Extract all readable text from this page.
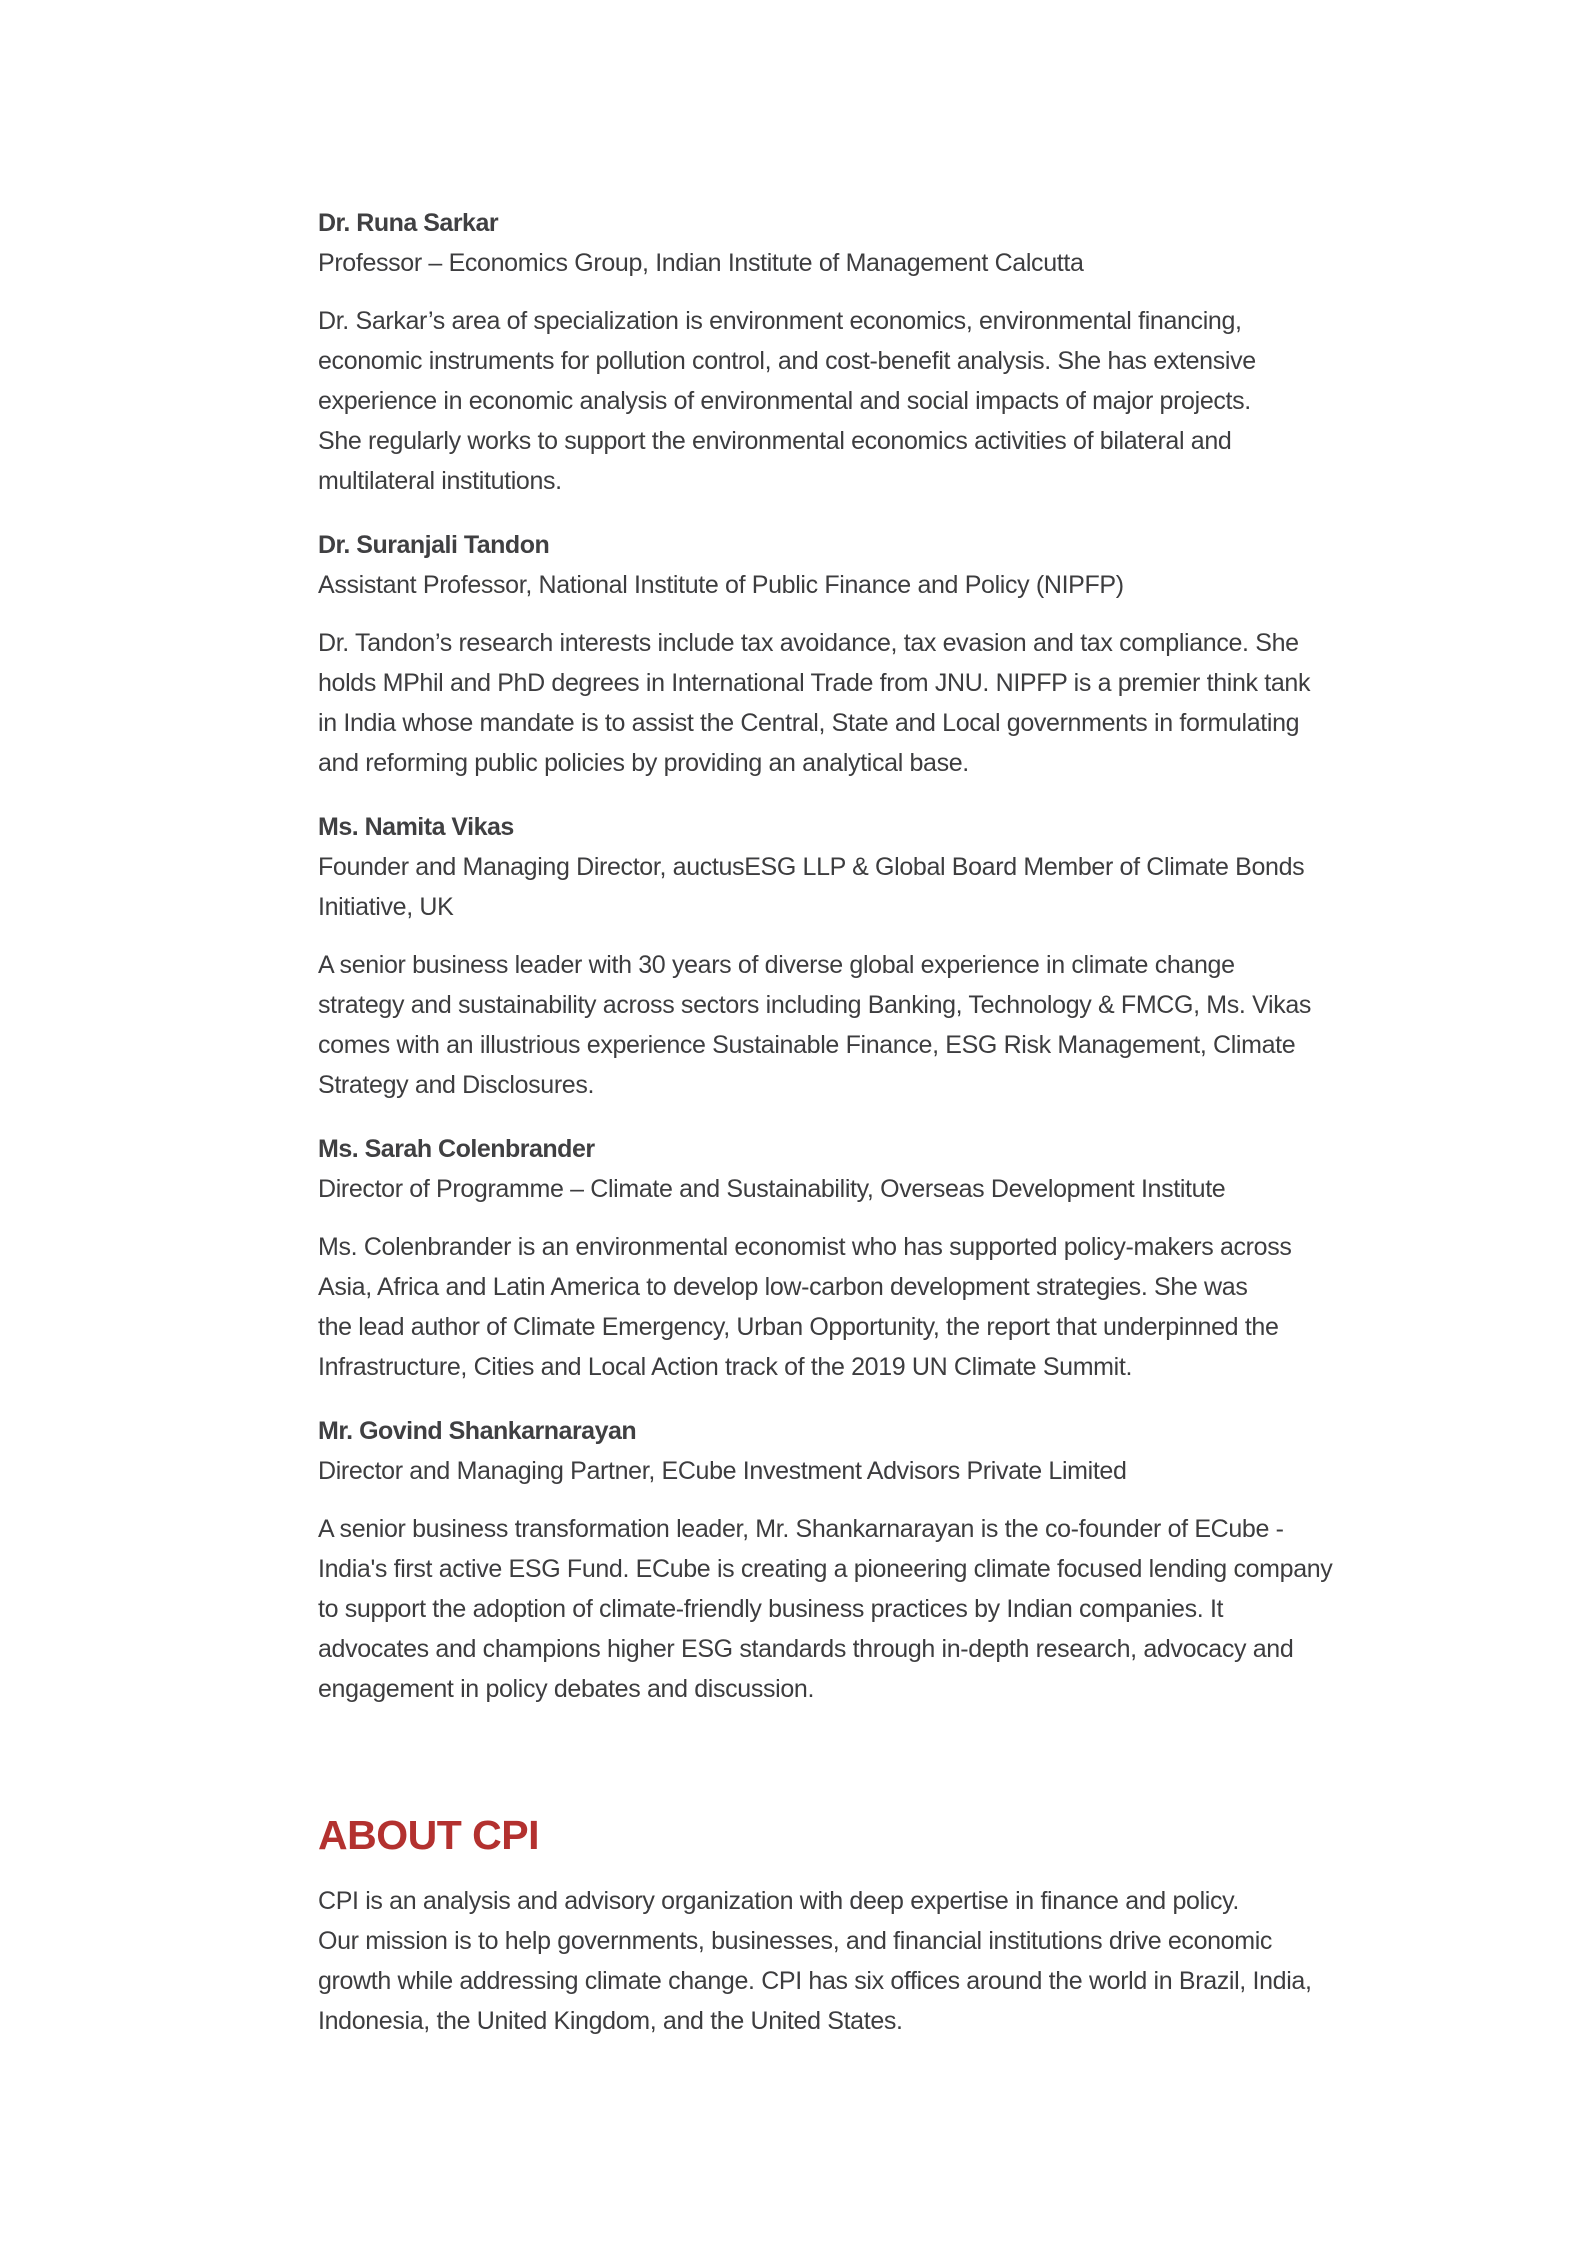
Dr. Runa Sarkar
Professor – Economics Group, Indian Institute of Management Calcutta
Dr. Sarkar’s area of specialization is environment economics, environmental financing,
economic instruments for pollution control, and cost-benefit analysis. She has extensive
experience in economic analysis of environmental and social impacts of major projects.
She regularly works to support the environmental economics activities of bilateral and
multilateral institutions.
Dr. Suranjali Tandon
Assistant Professor, National Institute of Public Finance and Policy (NIPFP)
Dr. Tandon’s research interests include tax avoidance, tax evasion and tax compliance. She
holds MPhil and PhD degrees in International Trade from JNU. NIPFP is a premier think tank
in India whose mandate is to assist the Central, State and Local governments in formulating
and reforming public policies by providing an analytical base.
Ms. Namita Vikas
Founder and Managing Director, auctusESG LLP & Global Board Member of Climate Bonds
Initiative, UK
A senior business leader with 30 years of diverse global experience in climate change
strategy and sustainability across sectors including Banking, Technology & FMCG, Ms. Vikas
comes with an illustrious experience Sustainable Finance, ESG Risk Management, Climate
Strategy and Disclosures.
Ms. Sarah Colenbrander
Director of Programme – Climate and Sustainability, Overseas Development Institute
Ms. Colenbrander is an environmental economist who has supported policy-makers across
Asia, Africa and Latin America to develop low-carbon development strategies. She was
the lead author of Climate Emergency, Urban Opportunity, the report that underpinned the
Infrastructure, Cities and Local Action track of the 2019 UN Climate Summit.
Mr. Govind Shankarnarayan
Director and Managing Partner, ECube Investment Advisors Private Limited
A senior business transformation leader, Mr. Shankarnarayan is the co-founder of ECube -
India's first active ESG Fund. ECube is creating a pioneering climate focused lending company
to support the adoption of climate-friendly business practices by Indian companies. It
advocates and champions higher ESG standards through in-depth research, advocacy and
engagement in policy debates and discussion.
ABOUT CPI
CPI is an analysis and advisory organization with deep expertise in finance and policy.
Our mission is to help governments, businesses, and financial institutions drive economic
growth while addressing climate change. CPI has six offices around the world in Brazil, India,
Indonesia, the United Kingdom, and the United States.
